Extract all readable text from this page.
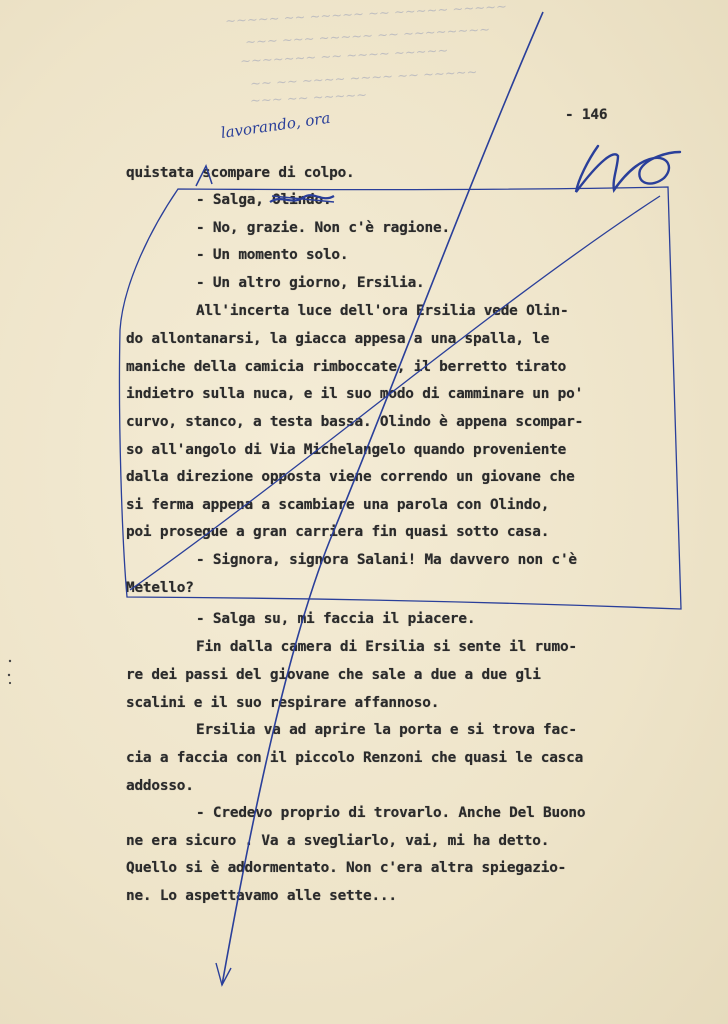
~~~~~ ~~ ~~~~~ ~~ ~~~~~ ~~~~~
~~~ ~~~ ~~~~~ ~~ ~~~~~~~~
~~~~~~~ ~~ ~~~~ ~~~~~
~~ ~~ ~~~~ ~~~~ ~~ ~~~~~
~~~ ~~ ~~~~~
- 146
quistata scompare di colpo.
- Salga, Olindo.
- No, grazie. Non c'è ragione.
- Un momento solo.
- Un altro giorno, Ersilia.
All'incerta luce dell'ora Ersilia vede Olin-
do allontanarsi, la giacca appesa a una spalla, le
maniche della camicia rimboccate, il berretto tirato
indietro sulla nuca, e il suo modo di camminare un po'
curvo, stanco, a testa bassa. Olindo è appena scompar-
so all'angolo di Via Michelangelo quando proveniente
dalla direzione opposta viene correndo un giovane che
si ferma appena a scambiare una parola con Olindo,
poi prosegue a gran carriera fin quasi sotto casa.
- Signora, signora Salani! Ma davvero non c'è
Metello?
- Salga su, mi faccia il piacere.
Fin dalla camera di Ersilia si sente il rumo-
re dei passi del giovane che sale a due a due gli
scalini e il suo respirare affannoso.
Ersilia va ad aprire la porta e si trova fac-
cia a faccia con il piccolo Renzoni che quasi le casca
addosso.
- Credevo proprio di trovarlo. Anche Del Buono
ne era sicuro . Va a svegliarlo, vai, mi ha detto.
Quello si è addormentato. Non c'era altra spiegazio-
ne. Lo aspettavamo alle sette...
lavorando, ora
